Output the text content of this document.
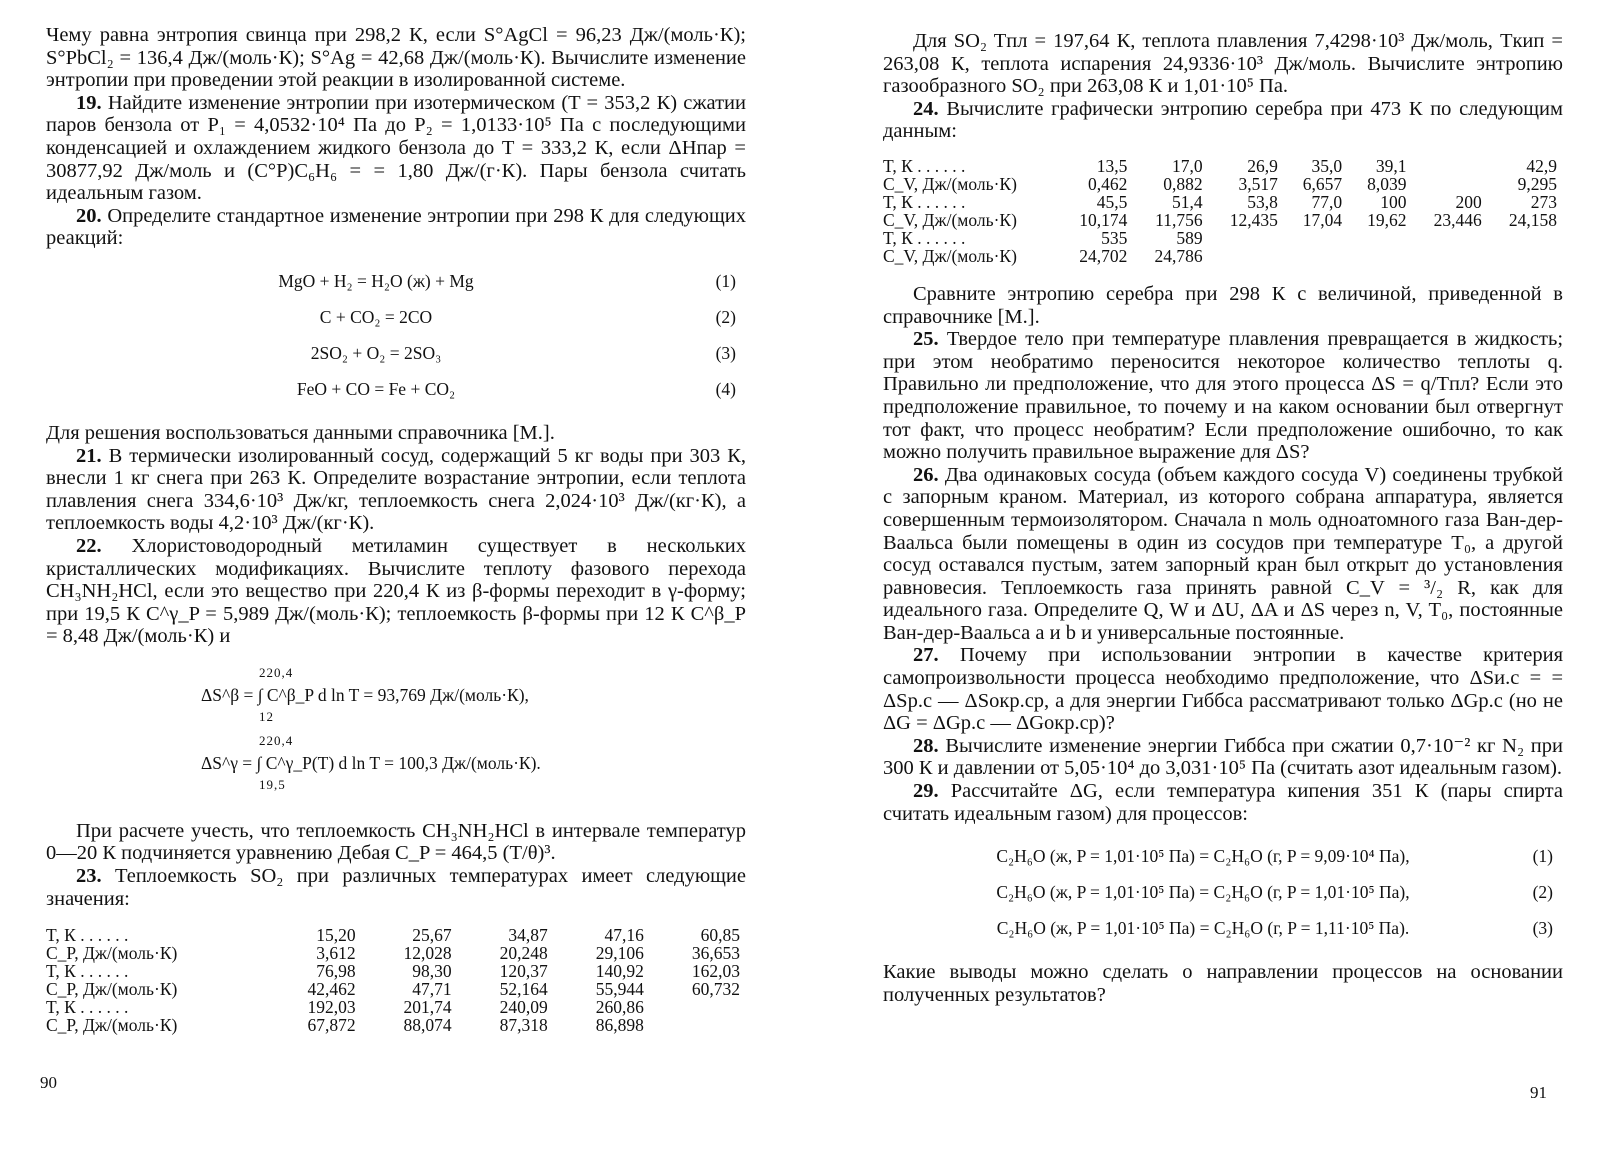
Чему равна энтропия свинца при 298,2 К, если S°AgCl = 96,23 Дж/(моль·К); S°PbCl₂ = 136,4 Дж/(моль·К); S°Ag = 42,68 Дж/(моль·К). Вычислите изменение энтропии при проведении этой реакции в изолированной системе.

19. Найдите изменение энтропии при изотермическом (T = 353,2 К) сжатии паров бензола от P₁ = 4,0532·10⁴ Па до P₂ = 1,0133·10⁵ Па с последующими конденсацией и охлаждением жидкого бензола до T = 333,2 К, если ΔHпар = 30877,92 Дж/моль и (C°P)C₆H₆ = = 1,80 Дж/(г·К). Пары бензола считать идеальным газом.

20. Определите стандартное изменение энтропии при 298 К для следующих реакций:

MgO + H₂ = H₂O (ж) + Mg	(1)
C + CO₂ = 2CO	(2)
2SO₂ + O₂ = 2SO₃	(3)
FeO + CO = Fe + CO₂	(4)

Для решения воспользоваться данными справочника [М.].

21. В термически изолированный сосуд, содержащий 5 кг воды при 303 К, внесли 1 кг снега при 263 К. Определите возрастание энтропии, если теплота плавления снега 334,6·10³ Дж/кг, теплоемкость снега 2,024·10³ Дж/(кг·К), а теплоемкость воды 4,2·10³ Дж/(кг·К).

22. Хлористоводородный метиламин существует в нескольких кристаллических модификациях. Вычислите теплоту фазового перехода CH₃NH₂HCl, если это вещество при 220,4 К из β-формы переходит в γ-форму; при 19,5 К C^γ_P = 5,989 Дж/(моль·К); теплоемкость β-формы при 12 К C^β_P = 8,48 Дж/(моль·К) и

220,4
ΔS^β = ∫ C^β_P d ln T = 93,769 Дж/(моль·К),
12
220,4
ΔS^γ = ∫ C^γ_P(T) d ln T = 100,3 Дж/(моль·К).
19,5

При расчете учесть, что теплоемкость CH₃NH₂HCl в интервале температур 0—20 К подчиняется уравнению Дебая C_P = 464,5 (T/θ)³.

23. Теплоемкость SO₂ при различных температурах имеет следующие значения:

T, К . . . . . .	15,20	25,67	34,87	47,16	60,85
C_P, Дж/(моль·К)	3,612	12,028	20,248	29,106	36,653
T, К . . . . . .	76,98	98,30	120,37	140,92	162,03
C_P, Дж/(моль·К)	42,462	47,71	52,164	55,944	60,732
T, К . . . . . .	192,03	201,74	240,09	260,86	
C_P, Дж/(моль·К)	67,872	88,074	87,318	86,898	
90

Для SO₂ Tпл = 197,64 К, теплота плавления 7,4298·10³ Дж/моль, Tкип = 263,08 К, теплота испарения 24,9336·10³ Дж/моль. Вычислите энтропию газообразного SO₂ при 263,08 К и 1,01·10⁵ Па.

24. Вычислите графически энтропию серебра при 473 К по следующим данным:

T, К . . . . . .	13,5	17,0	26,9	35,0	39,1		42,9
C_V, Дж/(моль·К)	0,462	0,882	3,517	6,657	8,039		9,295
T, К . . . . . .	45,5	51,4	53,8	77,0	100	200	273
C_V, Дж/(моль·К)	10,174	11,756	12,435	17,04	19,62	23,446	24,158
T, К . . . . . .	535	589					
C_V, Дж/(моль·К)	24,702	24,786					

Сравните энтропию серебра при 298 К с величиной, приведенной в справочнике [М.].

25. Твердое тело при температуре плавления превращается в жидкость; при этом необратимо переносится некоторое количество теплоты q. Правильно ли предположение, что для этого процесса ΔS = q/Tпл? Если это предположение правильное, то почему и на каком основании был отвергнут тот факт, что процесс необратим? Если предположение ошибочно, то как можно получить правильное выражение для ΔS?

26. Два одинаковых сосуда (объем каждого сосуда V) соединены трубкой с запорным краном. Материал, из которого собрана аппаратура, является совершенным термоизолятором. Сначала n моль одноатомного газа Ван-дер-Ваальса были помещены в один из сосудов при температуре T₀, а другой сосуд оставался пустым, затем запорный кран был открыт до установления равновесия. Теплоемкость газа принять равной C_V = ³/₂ R, как для идеального газа. Определите Q, W и ΔU, ΔA и ΔS через n, V, T₀, постоянные Ван-дер-Ваальса a и b и универсальные постоянные.

27. Почему при использовании энтропии в качестве критерия самопроизвольности процесса необходимо предположение, что ΔSи.с = = ΔSр.с — ΔSокр.ср, а для энергии Гиббса рассматривают только ΔGр.с (но не ΔG = ΔGр.с — ΔGокр.ср)?

28. Вычислите изменение энергии Гиббса при сжатии 0,7·10⁻² кг N₂ при 300 К и давлении от 5,05·10⁴ до 3,031·10⁵ Па (считать азот идеальным газом).

29. Рассчитайте ΔG, если температура кипения 351 К (пары спирта считать идеальным газом) для процессов:

C₂H₆O (ж, P = 1,01·10⁵ Па) = C₂H₆O (г, P = 9,09·10⁴ Па),	(1)
C₂H₆O (ж, P = 1,01·10⁵ Па) = C₂H₆O (г, P = 1,01·10⁵ Па),	(2)
C₂H₆O (ж, P = 1,01·10⁵ Па) = C₂H₆O (г, P = 1,11·10⁵ Па).	(3)

Какие выводы можно сделать о направлении процессов на основании полученных результатов?

91
